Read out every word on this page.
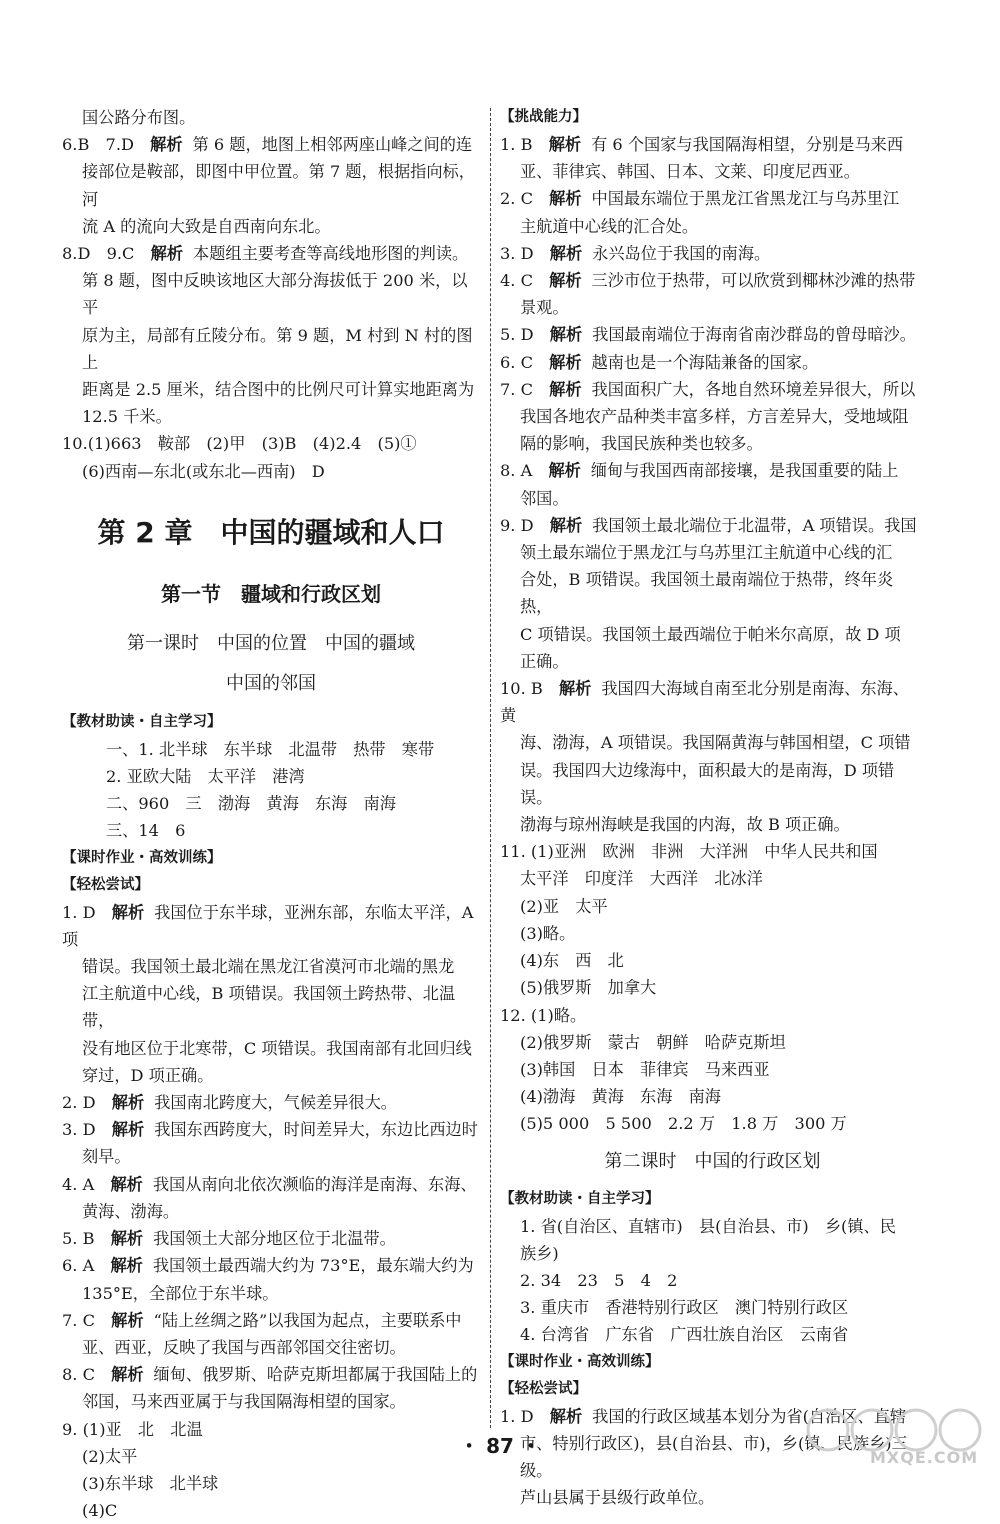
国公路分布图。
6.B　7.D　解析 第 6 题，地图上相邻两座山峰之间的连
接部位是鞍部，即图中甲位置。第 7 题，根据指向标，河
流 A 的流向大致是自西南向东北。
8.D　9.C　解析 本题组主要考查等高线地形图的判读。
第 8 题，图中反映该地区大部分海拔低于 200 米，以平
原为主，局部有丘陵分布。第 9 题，M 村到 N 村的图上
距离是 2.5 厘米，结合图中的比例尺可计算实地距离为
12.5 千米。
10.(1)663　鞍部　(2)甲　(3)B　(4)2.4　(5)①
(6)西南—东北(或东北—西南)　D
第 2 章　中国的疆域和人口
第一节　疆域和行政区划
第一课时　中国的位置　中国的疆域
中国的邻国
【教材助读・自主学习】
一、1. 北半球　东半球　北温带　热带　寒带
2. 亚欧大陆　太平洋　港湾
二、960　三　渤海　黄海　东海　南海
三、14　6
【课时作业・高效训练】
【轻松尝试】
1. D　解析 我国位于东半球，亚洲东部，东临太平洋，A 项
错误。我国领土最北端在黑龙江省漠河市北端的黑龙
江主航道中心线，B 项错误。我国领土跨热带、北温带，
没有地区位于北寒带，C 项错误。我国南部有北回归线
穿过，D 项正确。
2. D　解析 我国南北跨度大，气候差异很大。
3. D　解析 我国东西跨度大，时间差异大，东边比西边时
刻早。
4. A　解析 我国从南向北依次濒临的海洋是南海、东海、
黄海、渤海。
5. B　解析 我国领土大部分地区位于北温带。
6. A　解析 我国领土最西端大约为 73°E，最东端大约为
135°E，全部位于东半球。
7. C　解析 “陆上丝绸之路”以我国为起点，主要联系中
亚、西亚，反映了我国与西部邻国交往密切。
8. C　解析 缅甸、俄罗斯、哈萨克斯坦都属于我国陆上的
邻国，马来西亚属于与我国隔海相望的国家。
9. (1)亚　北　北温
(2)太平
(3)东半球　北半球
(4)C
【挑战能力】
1. B　解析 有 6 个国家与我国隔海相望，分别是马来西
亚、菲律宾、韩国、日本、文莱、印度尼西亚。
2. C　解析 中国最东端位于黑龙江省黑龙江与乌苏里江
主航道中心线的汇合处。
3. D　解析 永兴岛位于我国的南海。
4. C　解析 三沙市位于热带，可以欣赏到椰林沙滩的热带
景观。
5. D　解析 我国最南端位于海南省南沙群岛的曾母暗沙。
6. C　解析 越南也是一个海陆兼备的国家。
7. C　解析 我国面积广大，各地自然环境差异很大，所以
我国各地农产品种类丰富多样，方言差异大，受地域阻
隔的影响，我国民族种类也较多。
8. A　解析 缅甸与我国西南部接壤，是我国重要的陆上
邻国。
9. D　解析 我国领土最北端位于北温带，A 项错误。我国
领土最东端位于黑龙江与乌苏里江主航道中心线的汇
合处，B 项错误。我国领土最南端位于热带，终年炎热，
C 项错误。我国领土最西端位于帕米尔高原，故 D 项
正确。
10. B　解析 我国四大海域自南至北分别是南海、东海、黄
海、渤海，A 项错误。我国隔黄海与韩国相望，C 项错
误。我国四大边缘海中，面积最大的是南海，D 项错误。
渤海与琼州海峡是我国的内海，故 B 项正确。
11. (1)亚洲　欧洲　非洲　大洋洲　中华人民共和国
太平洋　印度洋　大西洋　北冰洋
(2)亚　太平
(3)略。
(4)东　西　北
(5)俄罗斯　加拿大
12. (1)略。
(2)俄罗斯　蒙古　朝鲜　哈萨克斯坦
(3)韩国　日本　菲律宾　马来西亚
(4)渤海　黄海　东海　南海
(5)5 000　5 500　2.2 万　1.8 万　300 万
第二课时　中国的行政区划
【教材助读・自主学习】
1. 省(自治区、直辖市)　县(自治县、市)　乡(镇、民
族乡)
2. 34　23　5　4　2
3. 重庆市　香港特别行政区　澳门特别行政区
4. 台湾省　广东省　广西壮族自治区　云南省
【课时作业・高效训练】
【轻松尝试】
1. D　解析 我国的行政区域基本划分为省(自治区、直辖
市、特别行政区)，县(自治县、市)，乡(镇、民族乡)三级。
芦山县属于县级行政单位。
・ 87 ・	MXQE.COM
